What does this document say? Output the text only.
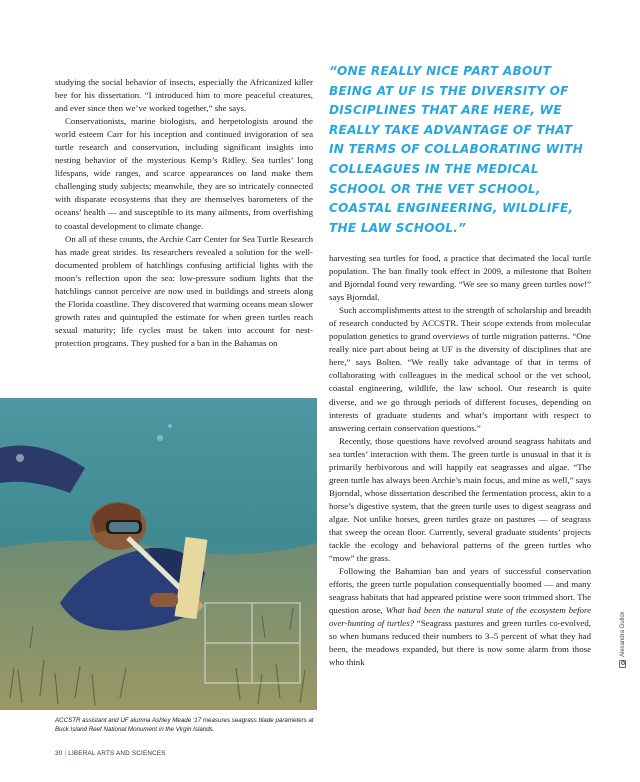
studying the social behavior of insects, especially the Africanized killer bee for his dissertation. “I introduced him to more peaceful creatures, and ever since then we’ve worked together,” she says.

Conservationists, marine biologists, and herpetologists around the world esteem Carr for his inception and continued invigoration of sea turtle research and conservation, including significant insights into nesting behavior of the mysterious Kemp’s Ridley. Sea turtles’ long lifespans, wide ranges, and scarce appearances on land make them challenging study subjects; meanwhile, they are so intricately connected with disparate ecosystems that they are themselves barometers of the oceans’ health — and susceptible to its many ailments, from overfishing to coastal development to climate change.

On all of these counts, the Archie Carr Center for Sea Turtle Research has made great strides. Its researchers revealed a solution for the well-documented problem of hatchlings confusing artificial lights with the moon’s reflection upon the sea: low-pressure sodium lights that the hatchlings cannot perceive are now used in buildings and streets along the Florida coastline. They discovered that warming oceans mean slower growth rates and quintupled the estimate for when green turtles reach sexual maturity; life cycles must be taken into account for nest-protection programs. They pushed for a ban in the Bahamas on

“ONE REALLY NICE PART ABOUT BEING AT UF IS THE DIVERSITY OF DISCIPLINES THAT ARE HERE, WE REALLY TAKE ADVANTAGE OF THAT IN TERMS OF COLLABORATING WITH COLLEAGUES IN THE MEDICAL SCHOOL OR THE VET SCHOOL, COASTAL ENGINEERING, WILDLIFE, THE LAW SCHOOL.”

harvesting sea turtles for food, a practice that decimated the local turtle population. The ban finally took effect in 2009, a milestone that Bolten and Bjorndal found very rewarding. “We see so many green turtles now!” says Bjorndal.

Such accomplishments attest to the strength of scholarship and breadth of research conducted by ACCSTR. Their scope extends from molecular population genetics to grand overviews of turtle migration patterns. “One really nice part about being at UF is the diversity of disciplines that are here,” says Bolten. “We really take advantage of that in terms of collaborating with colleagues in the medical school or the vet school, coastal engineering, wildlife, the law school. Our research is quite diverse, and we go through periods of different focuses, depending on interests of graduate students and what’s important with respect to answering certain conservation questions.”

Recently, those questions have revolved around seagrass habitats and sea turtles’ interaction with them. The green turtle is unusual in that it is primarily herbivorous and will happily eat seagrasses and algae. “The green turtle has always been Archie’s main focus, and mine as well,” says Bjorndal, whose dissertation described the fermentation process, akin to a horse’s digestive system, that the green turtle uses to digest seagrass and algae. Not unlike horses, green turtles graze on pastures — of seagrass that sweep the ocean floor. Currently, several graduate students’ projects tackle the ecology and behavioral patterns of the green turtles who “mow” the grass.

Following the Bahamian ban and years of successful conservation efforts, the green turtle population consequentially boomed — and many seagrass habitats that had appeared pristine were soon trimmed short. The question arose, What had been the natural state of the ecosystem before over-hunting of turtles? “Seagrass pastures and green turtles co-evolved, so when humans reduced their numbers to 3–5 percent of what they had been, the meadows expanded, but there is now some alarm from those who think

ACCSTR assistant and UF alumna Ashley Meade ’17 measures seagrass blade parameters at Buck Island Reef National Monument in the Virgin Islands.
30 | LIBERAL ARTS AND SCIENCES
Alexandra Gulick
